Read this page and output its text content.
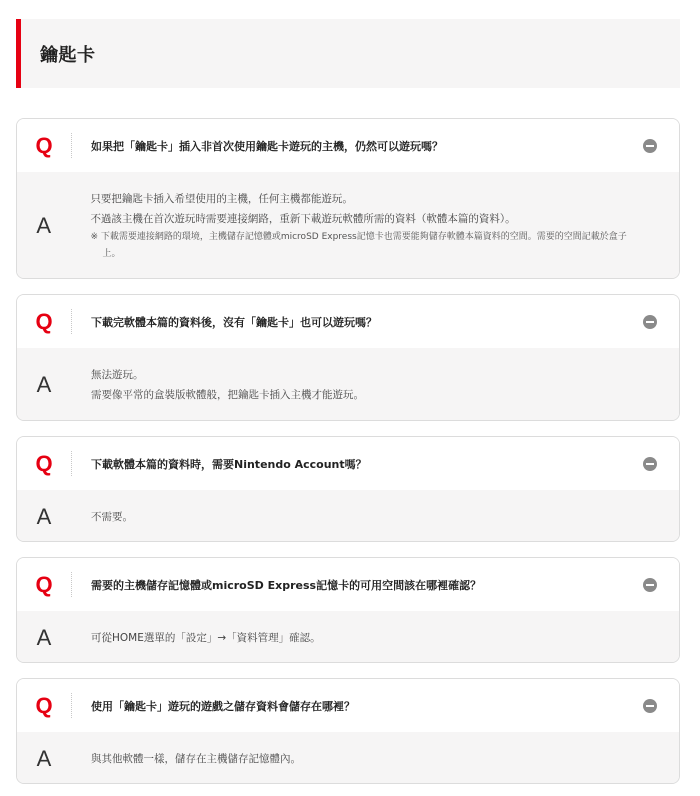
鑰匙卡
Q	如果把「鑰匙卡」插入非首次使用鑰匙卡遊玩的主機，仍然可以遊玩嗎？
A

只要把鑰匙卡插入希望使用的主機，任何主機都能遊玩。

不過該主機在首次遊玩時需要連接網路，重新下載遊玩軟體所需的資料（軟體本篇的資料）。

※ 下載需要連接網路的環境，主機儲存記憶體或microSD Express記憶卡也需要能夠儲存軟體本篇資料的空間。需要的空間記載於盒子上。

Q	下載完軟體本篇的資料後，沒有「鑰匙卡」也可以遊玩嗎？
A	無法遊玩。

需要像平常的盒裝版軟體般，把鑰匙卡插入主機才能遊玩。

Q	下載軟體本篇的資料時，需要Nintendo Account嗎？
A	不需要。

Q	需要的主機儲存記憶體或microSD Express記憶卡的可用空間該在哪裡確認？
A	可從HOME選單的「設定」→「資料管理」確認。

Q	使用「鑰匙卡」遊玩的遊戲之儲存資料會儲存在哪裡？
A	與其他軟體一樣，儲存在主機儲存記憶體內。
